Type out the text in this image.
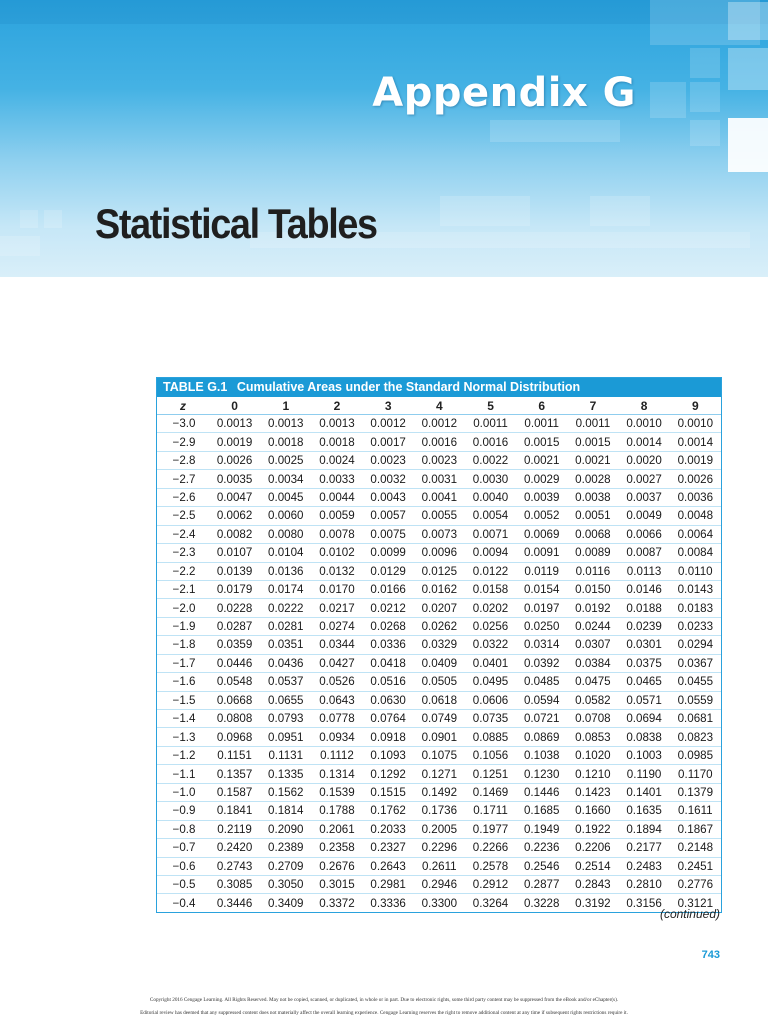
Appendix G
Statistical Tables
TABLE G.1 Cumulative Areas under the Standard Normal Distribution
z	0	1	2	3	4	5	6	7	8	9
−3.0	0.0013	0.0013	0.0013	0.0012	0.0012	0.0011	0.0011	0.0011	0.0010	0.0010
−2.9	0.0019	0.0018	0.0018	0.0017	0.0016	0.0016	0.0015	0.0015	0.0014	0.0014
−2.8	0.0026	0.0025	0.0024	0.0023	0.0023	0.0022	0.0021	0.0021	0.0020	0.0019
−2.7	0.0035	0.0034	0.0033	0.0032	0.0031	0.0030	0.0029	0.0028	0.0027	0.0026
−2.6	0.0047	0.0045	0.0044	0.0043	0.0041	0.0040	0.0039	0.0038	0.0037	0.0036
−2.5	0.0062	0.0060	0.0059	0.0057	0.0055	0.0054	0.0052	0.0051	0.0049	0.0048
−2.4	0.0082	0.0080	0.0078	0.0075	0.0073	0.0071	0.0069	0.0068	0.0066	0.0064
−2.3	0.0107	0.0104	0.0102	0.0099	0.0096	0.0094	0.0091	0.0089	0.0087	0.0084
−2.2	0.0139	0.0136	0.0132	0.0129	0.0125	0.0122	0.0119	0.0116	0.0113	0.0110
−2.1	0.0179	0.0174	0.0170	0.0166	0.0162	0.0158	0.0154	0.0150	0.0146	0.0143
−2.0	0.0228	0.0222	0.0217	0.0212	0.0207	0.0202	0.0197	0.0192	0.0188	0.0183
−1.9	0.0287	0.0281	0.0274	0.0268	0.0262	0.0256	0.0250	0.0244	0.0239	0.0233
−1.8	0.0359	0.0351	0.0344	0.0336	0.0329	0.0322	0.0314	0.0307	0.0301	0.0294
−1.7	0.0446	0.0436	0.0427	0.0418	0.0409	0.0401	0.0392	0.0384	0.0375	0.0367
−1.6	0.0548	0.0537	0.0526	0.0516	0.0505	0.0495	0.0485	0.0475	0.0465	0.0455
−1.5	0.0668	0.0655	0.0643	0.0630	0.0618	0.0606	0.0594	0.0582	0.0571	0.0559
−1.4	0.0808	0.0793	0.0778	0.0764	0.0749	0.0735	0.0721	0.0708	0.0694	0.0681
−1.3	0.0968	0.0951	0.0934	0.0918	0.0901	0.0885	0.0869	0.0853	0.0838	0.0823
−1.2	0.1151	0.1131	0.1112	0.1093	0.1075	0.1056	0.1038	0.1020	0.1003	0.0985
−1.1	0.1357	0.1335	0.1314	0.1292	0.1271	0.1251	0.1230	0.1210	0.1190	0.1170
−1.0	0.1587	0.1562	0.1539	0.1515	0.1492	0.1469	0.1446	0.1423	0.1401	0.1379
−0.9	0.1841	0.1814	0.1788	0.1762	0.1736	0.1711	0.1685	0.1660	0.1635	0.1611
−0.8	0.2119	0.2090	0.2061	0.2033	0.2005	0.1977	0.1949	0.1922	0.1894	0.1867
−0.7	0.2420	0.2389	0.2358	0.2327	0.2296	0.2266	0.2236	0.2206	0.2177	0.2148
−0.6	0.2743	0.2709	0.2676	0.2643	0.2611	0.2578	0.2546	0.2514	0.2483	0.2451
−0.5	0.3085	0.3050	0.3015	0.2981	0.2946	0.2912	0.2877	0.2843	0.2810	0.2776
−0.4	0.3446	0.3409	0.3372	0.3336	0.3300	0.3264	0.3228	0.3192	0.3156	0.3121
(continued)
743
Copyright 2016 Cengage Learning. All Rights Reserved. May not be copied, scanned, or duplicated, in whole or in part. Due to electronic rights, some third party content may be suppressed from the eBook and/or eChapter(s).
Editorial review has deemed that any suppressed content does not materially affect the overall learning experience. Cengage Learning reserves the right to remove additional content at any time if subsequent rights restrictions require it.
